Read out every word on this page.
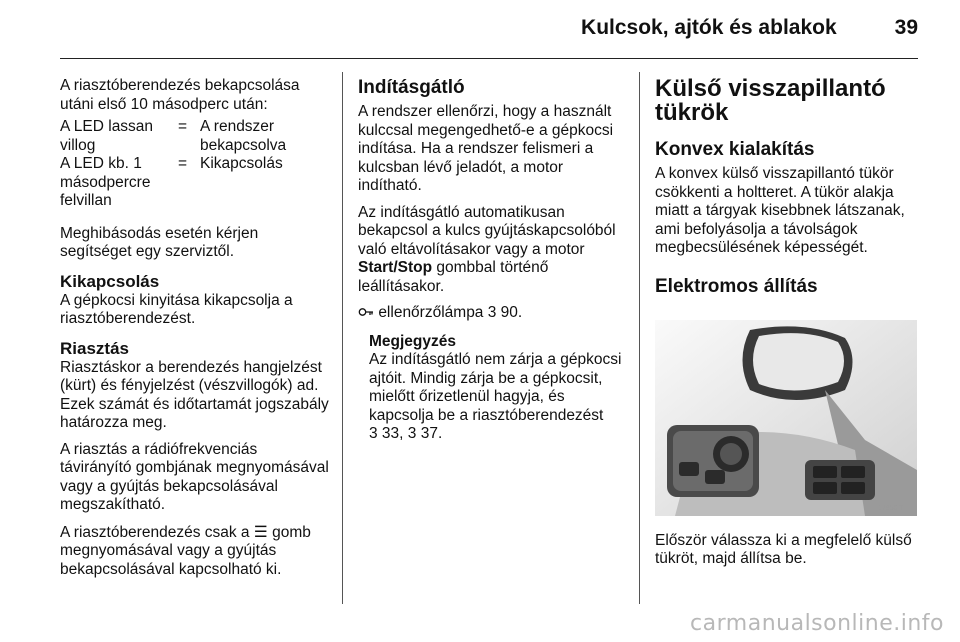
Kulcsok, ajtók és ablakok	39

A riasztóberendezés bekapcsolása utáni első 10 másodperc után:

A LED lassan villog	=	A rendszer bekapcsolva
A LED kb. 1 másodpercre felvillan	=	Kikapcsolás

Meghibásodás esetén kérjen segítséget egy szerviztől.

Kikapcsolás

A gépkocsi kinyitása kikapcsolja a riasztóberendezést.

Riasztás

Riasztáskor a berendezés hangjelzést (kürt) és fényjelzést (vészvillogók) ad. Ezek számát és időtartamát jogszabály határozza meg.

A riasztás a rádiófrekvenciás távirányító gombjának megnyomásával vagy a gyújtás bekapcsolásával megszakítható.

A riasztóberendezés csak a ☰ gomb megnyomásával vagy a gyújtás bekapcsolásával kapcsolható ki.

Indításgátló

A rendszer ellenőrzi, hogy a használt kulccsal megengedhető-e a gépkocsi indítása. Ha a rendszer felismeri a kulcsban lévő jeladót, a motor indítható.

Az indításgátló automatikusan bekapcsol a kulcs gyújtáskapcsolóból való eltávolításakor vagy a motor Start/Stop gombbal történő leállításakor.

ellenőrzőlámpa 3 90.

Megjegyzés
Az indításgátló nem zárja a gépkocsi ajtóit. Mindig zárja be a gépkocsit, mielőtt őrizetlenül hagyja, és kapcsolja be a riasztóberendezést
3 33, 3 37.
Külső visszapillantó tükrök
Konvex kialakítás

A konvex külső visszapillantó tükör csökkenti a holtteret. A tükör alakja miatt a tárgyak kisebbnek látszanak, ami befolyásolja a távolságok megbecsülésének képességét.

Elektromos állítás
17950 T

Először válassza ki a megfelelő külső tükröt, majd állítsa be.

carmanualsonline.info
